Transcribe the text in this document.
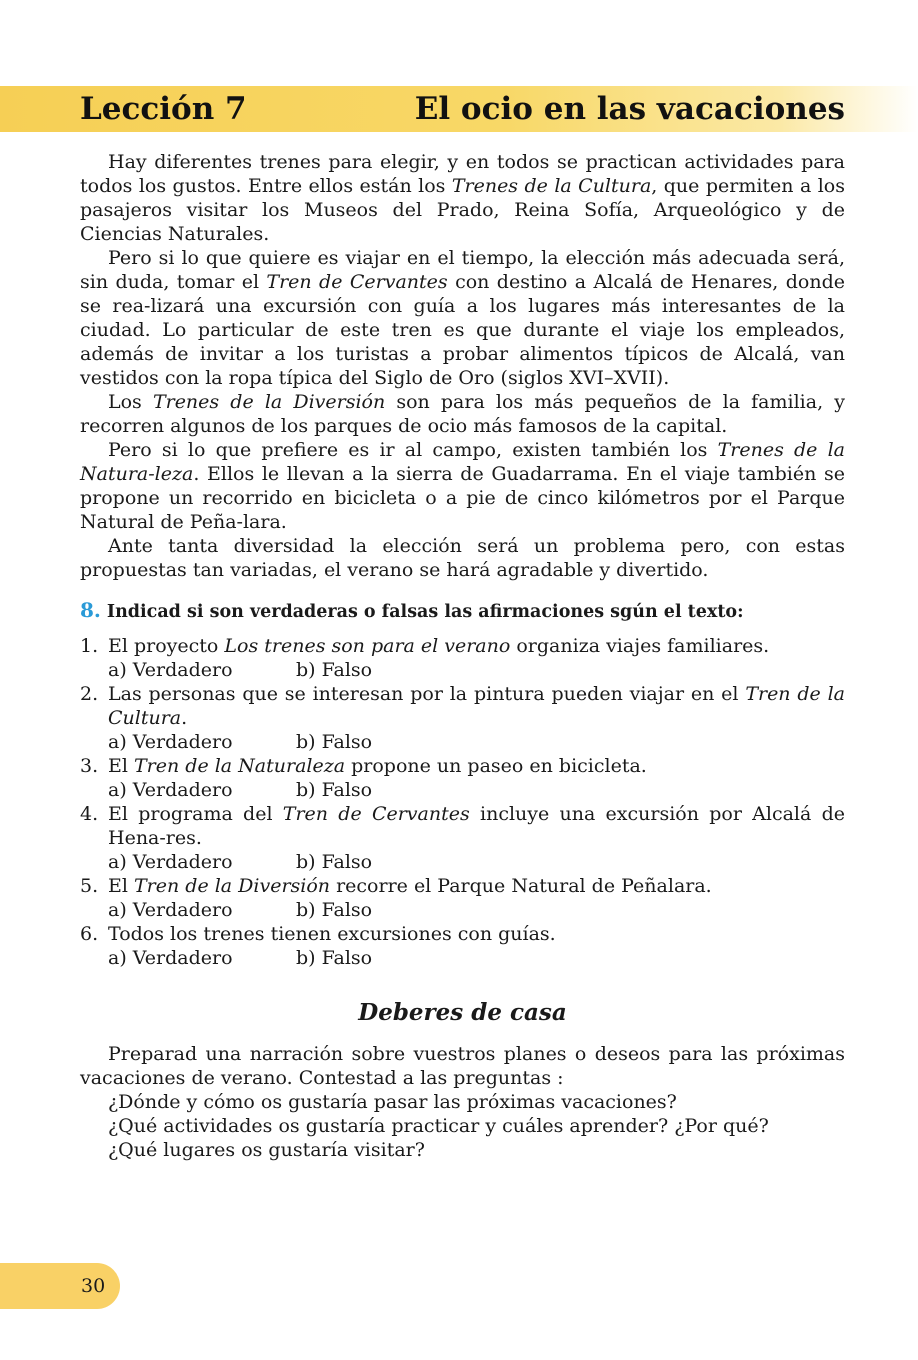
Lección 7	El ocio en las vacaciones

Hay diferentes trenes para elegir, y en todos se practican actividades para todos los gustos. Entre ellos están los Trenes de la Cultura, que permiten a los pasajeros visitar los Museos del Prado, Reina Sofía, Arqueológico y de Ciencias Naturales.

Pero si lo que quiere es viajar en el tiempo, la elección más adecuada será, sin duda, tomar el Tren de Cervantes con destino a Alcalá de Henares, donde se rea-lizará una excursión con guía a los lugares más interesantes de la ciudad. Lo particular de este tren es que durante el viaje los empleados, además de invitar a los turistas a probar alimentos típicos de Alcalá, van vestidos con la ropa típica del Siglo de Oro (siglos XVI–XVII).

Los Trenes de la Diversión son para los más pequeños de la familia, y recorren algunos de los parques de ocio más famosos de la capital.

Pero si lo que prefiere es ir al campo, existen también los Trenes de la Natura-leza. Ellos le llevan a la sierra de Guadarrama. En el viaje también se propone un recorrido en bicicleta o a pie de cinco kilómetros por el Parque Natural de Peña-lara.

Ante tanta diversidad la elección será un problema pero, con estas propuestas tan variadas, el verano se hará agradable y divertido.

8. Indicad si son verdaderas o falsas las afirmaciones sgún el texto:
1. El proyecto Los trenes son para el verano organiza viajes familiares.
a) Verdadero	b) Falso
2. Las personas que se interesan por la pintura pueden viajar en el Tren de la Cultura.
a) Verdadero	b) Falso
3. El Tren de la Naturaleza propone un paseo en bicicleta.
a) Verdadero	b) Falso
4. El programa del Tren de Cervantes incluye una excursión por Alcalá de Hena-res.
a) Verdadero	b) Falso
5. El Tren de la Diversión recorre el Parque Natural de Peñalara.
a) Verdadero	b) Falso
6. Todos los trenes tienen excursiones con guías.
a) Verdadero	b) Falso
Deberes de casa

Preparad una narración sobre vuestros planes o deseos para las próximas vacaciones de verano. Contestad a las preguntas :

¿Dónde y cómo os gustaría pasar las próximas vacaciones?
¿Qué actividades os gustaría practicar y cuáles aprender? ¿Por qué?
¿Qué lugares os gustaría visitar?
30
